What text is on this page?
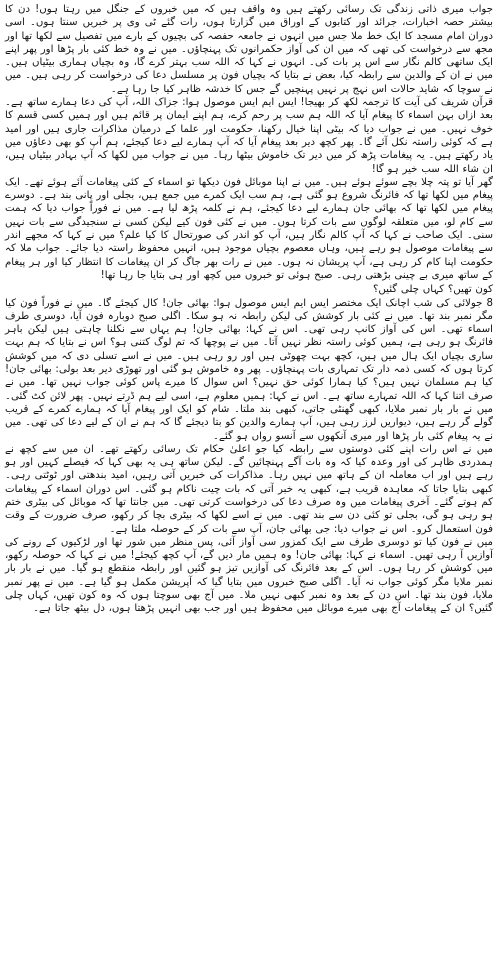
جواب میری ذاتی زندگی تک رسائی رکھتے ہیں وہ واقف ہیں کہ میں خبروں کے جنگل میں رہتا ہوں! دن کا بیشتر حصہ اخبارات، جرائد اور کتابوں کے اوراق میں گزارتا ہوں، رات گئے ٹی وی پر خبریں سنتا ہوں۔ اسی دوران امام مسجد کا ایک خط ملا جس میں انہوں نے جامعہ حفصہ کی بچیوں کے بارے میں تفصیل سے لکھا تھا اور مجھ سے درخواست کی تھی کہ میں ان کی آواز حکمرانوں تک پہنچاؤں۔ میں نے وہ خط کئی بار پڑھا اور پھر اپنے ایک ساتھی کالم نگار سے اس پر بات کی۔ انہوں نے کہا کہ اللہ سب بہتر کرے گا، وہ بچیاں ہماری بیٹیاں ہیں۔ میں نے ان کے والدین سے رابطہ کیا، بعض نے بتایا کہ بچیاں فون پر مسلسل دعا کی درخواست کر رہی ہیں۔ میں نے سوچا کہ شاید حالات اس نہج پر نہیں پہنچیں گے جس کا خدشہ ظاہر کیا جا رہا ہے۔

قرآن شریف کی آیت کا ترجمہ لکھ کر بھیجا! ایس ایم ایس موصول ہوا: جزاک اللہ، آپ کی دعا ہمارے ساتھ ہے۔ بعد ازاں بہن اسماء کا پیغام آیا کہ اللہ ہم سب پر رحم کرے، ہم اپنے ایمان پر قائم ہیں اور ہمیں کسی قسم کا خوف نہیں۔ میں نے جواب دیا کہ بیٹی اپنا خیال رکھنا، حکومت اور علما کے درمیان مذاکرات جاری ہیں اور امید ہے کہ کوئی راستہ نکل آئے گا۔ پھر کچھ دیر بعد پیغام آیا کہ آپ ہمارے لیے دعا کیجئے، ہم آپ کو بھی دعاؤں میں یاد رکھتے ہیں۔ یہ پیغامات پڑھ کر میں دیر تک خاموش بیٹھا رہا۔ میں نے جواب میں لکھا کہ آپ بہادر بیٹیاں ہیں، ان شاء اللہ سب خیر ہو گا!

گھر آیا تو پتہ چلا بچے سوئے ہوئے ہیں۔ میں نے اپنا موبائل فون دیکھا تو اسماء کے کئی پیغامات آئے ہوئے تھے۔ ایک پیغام میں لکھا تھا کہ فائرنگ شروع ہو گئی ہے، ہم سب ایک کمرے میں جمع ہیں، بجلی اور پانی بند ہے۔ دوسرے پیغام میں لکھا تھا کہ بھائی جان ہمارے لیے دعا کیجئے، ہم نے کلمہ پڑھ لیا ہے۔ میں نے فوراً جواب دیا کہ ہمت سے کام لو، میں متعلقہ لوگوں سے بات کرتا ہوں۔ میں نے کئی فون کیے لیکن کسی نے سنجیدگی سے بات نہیں سنی۔ ایک صاحب نے کہا کہ آپ کالم نگار ہیں، آپ کو اندر کی صورتحال کا کیا علم؟ میں نے کہا کہ مجھے اندر سے پیغامات موصول ہو رہے ہیں، وہاں معصوم بچیاں موجود ہیں، انہیں محفوظ راستہ دیا جائے۔ جواب ملا کہ حکومت اپنا کام کر رہی ہے، آپ پریشان نہ ہوں۔ میں نے رات بھر جاگ کر ان پیغامات کا انتظار کیا اور ہر پیغام کے ساتھ میری بے چینی بڑھتی رہی۔ صبح ہوئی تو خبروں میں کچھ اور ہی بتایا جا رہا تھا!

کون تھیں؟ کہاں چلی گئیں؟

8 جولائی کی شب اچانک ایک مختصر ایس ایم ایس موصول ہوا: بھائی جان! کال کیجئے گا۔ میں نے فوراً فون کیا مگر نمبر بند تھا۔ میں نے کئی بار کوشش کی لیکن رابطہ نہ ہو سکا۔ اگلی صبح دوبارہ فون آیا، دوسری طرف اسماء تھی۔ اس کی آواز کانپ رہی تھی۔ اس نے کہا: بھائی جان! ہم یہاں سے نکلنا چاہتی ہیں لیکن باہر فائرنگ ہو رہی ہے، ہمیں کوئی راستہ نظر نہیں آتا۔ میں نے پوچھا کہ تم لوگ کتنی ہو؟ اس نے بتایا کہ ہم بہت ساری بچیاں ایک ہال میں ہیں، کچھ بہت چھوٹی ہیں اور رو رہی ہیں۔ میں نے اسے تسلی دی کہ میں کوشش کرتا ہوں کہ کسی ذمہ دار تک تمہاری بات پہنچاؤں۔ پھر وہ خاموش ہو گئی اور تھوڑی دیر بعد بولی: بھائی جان! کیا ہم مسلمان نہیں ہیں؟ کیا ہمارا کوئی حق نہیں؟ اس سوال کا میرے پاس کوئی جواب نہیں تھا۔ میں نے صرف اتنا کہا کہ اللہ تمہارے ساتھ ہے۔ اس نے کہا: ہمیں معلوم ہے، اسی لیے ہم ڈرتے نہیں۔ پھر لائن کٹ گئی۔ میں نے بار بار نمبر ملایا، کبھی گھنٹی جاتی، کبھی بند ملتا۔ شام کو ایک اور پیغام آیا کہ ہمارے کمرے کے قریب گولے گر رہے ہیں، دیواریں لرز رہی ہیں، آپ ہمارے والدین کو بتا دیجئے گا کہ ہم نے ان کے لیے دعا کی تھی۔ میں نے یہ پیغام کئی بار پڑھا اور میری آنکھوں سے آنسو رواں ہو گئے۔

میں نے اس رات اپنے کئی دوستوں سے رابطہ کیا جو اعلیٰ حکام تک رسائی رکھتے تھے۔ ان میں سے کچھ نے ہمدردی ظاہر کی اور وعدہ کیا کہ وہ بات آگے پہنچائیں گے۔ لیکن ساتھ ہی یہ بھی کہا کہ فیصلے کہیں اور ہو رہے ہیں اور اب معاملہ ان کے ہاتھ میں نہیں رہا۔ مذاکرات کی خبریں آتی رہیں، امید بندھتی اور ٹوٹتی رہی۔ کبھی بتایا جاتا کہ معاہدہ قریب ہے، کبھی یہ خبر آتی کہ بات چیت ناکام ہو گئی۔ اس دوران اسماء کے پیغامات کم ہوتے گئے۔ آخری پیغامات میں وہ صرف دعا کی درخواست کرتی تھی۔ میں جانتا تھا کہ موبائل کی بیٹری ختم ہو رہی ہو گی، بجلی تو کئی دن سے بند تھی۔ میں نے اسے لکھا کہ بیٹری بچا کر رکھو، صرف ضرورت کے وقت فون استعمال کرو۔ اس نے جواب دیا: جی بھائی جان، آپ سے بات کر کے حوصلہ ملتا ہے۔

میں نے فون کیا تو دوسری طرف سے ایک کمزور سی آواز آئی، پس منظر میں شور تھا اور لڑکیوں کے رونے کی آوازیں آ رہی تھیں۔ اسماء نے کہا: بھائی جان! وہ ہمیں مار دیں گے، آپ کچھ کیجئے! میں نے کہا کہ حوصلہ رکھو، میں کوشش کر رہا ہوں۔ اس کے بعد فائرنگ کی آوازیں تیز ہو گئیں اور رابطہ منقطع ہو گیا۔ میں نے بار بار نمبر ملایا مگر کوئی جواب نہ آیا۔ اگلی صبح خبروں میں بتایا گیا کہ آپریشن مکمل ہو گیا ہے۔ میں نے پھر نمبر ملایا، فون بند تھا۔ اس دن کے بعد وہ نمبر کبھی نہیں ملا۔ میں آج بھی سوچتا ہوں کہ وہ کون تھیں، کہاں چلی گئیں؟ ان کے پیغامات آج بھی میرے موبائل میں محفوظ ہیں اور جب بھی انہیں پڑھتا ہوں، دل بیٹھ جاتا ہے۔
